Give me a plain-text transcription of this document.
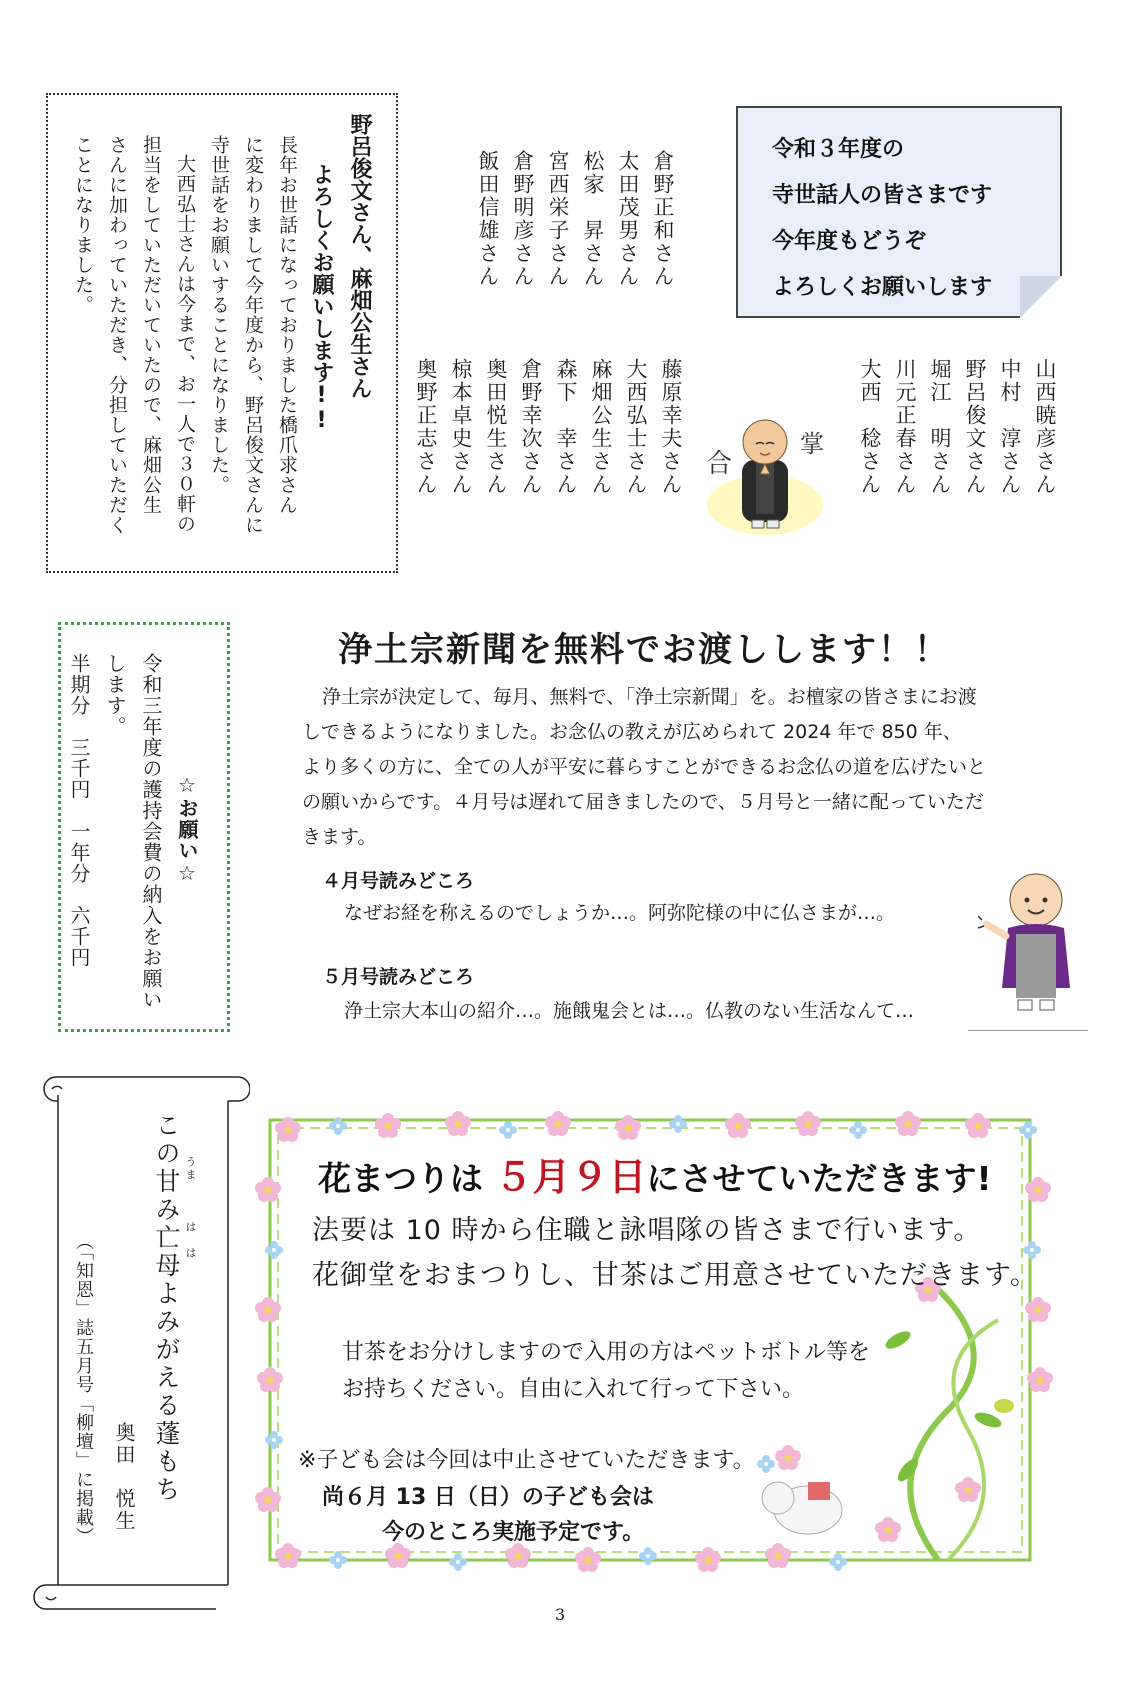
野呂俊文さん、麻畑公生さん
よろしくお願いします!!
長年お世話になっておりました橋爪求さん
に変わりまして今年度から、野呂俊文さんに
寺世話をお願いすることになりました。
大西弘士さんは今まで、お一人で３０軒の
担当をしていただいていたので、麻畑公生
さんに加わっていただき、分担していただく
ことになりました。	倉野正和さん
太田茂男さん
松家　昇さん
宮西栄子さん
倉野明彦さん
飯田信雄さん
藤原幸夫さん
大西弘士さん
麻畑公生さん
森下　幸さん
倉野幸次さん
奥田悦生さん
椋本卓史さん
奥野正志さん	山西暁彦さん
中村　淳さん
野呂俊文さん
堀江　明さん
川元正春さん
大西　稔さん
令和３年度の
寺世話人の皆さまです
今年度もどうぞ
よろしくお願いします
合
掌
☆お願い☆
令和三年度の護持会費の納入をお願い
します。
半期分　三千円　一年分　六千円
浄土宗新聞を無料でお渡しします！！
浄土宗が決定して、毎月、無料で、「浄土宗新聞」を。お檀家の皆さまにお渡
しできるようになりました。お念仏の教えが広められて 2024 年で 850 年、
より多くの方に、全ての人が平安に暮らすことができるお念仏の道を広げたいと
の願いからです。４月号は遅れて届きましたので、５月号と一緒に配っていただ
きます。
４月号読みどころ
なぜお経を称えるのでしょうか…。阿弥陀様の中に仏さまが…。
５月号読みどころ
浄土宗大本山の紹介…。施餓鬼会とは…。仏教のない生活なんて…
うま　　　は　は
この甘み亡母よみがえる蓬もち
奥田　悦生
（「知恩」誌五月号「柳壇」に掲載）
花まつりは ５月９日にさせていただきます!
法要は 10 時から住職と詠唱隊の皆さまで行います。
花御堂をおまつりし、甘茶はご用意させていただきます。
甘茶をお分けしますので入用の方はペットボトル等を
お持ちください。自由に入れて行って下さい。
※子ども会は今回は中止させていただきます。
尚６月 13 日（日）の子ども会は
今のところ実施予定です。
3
